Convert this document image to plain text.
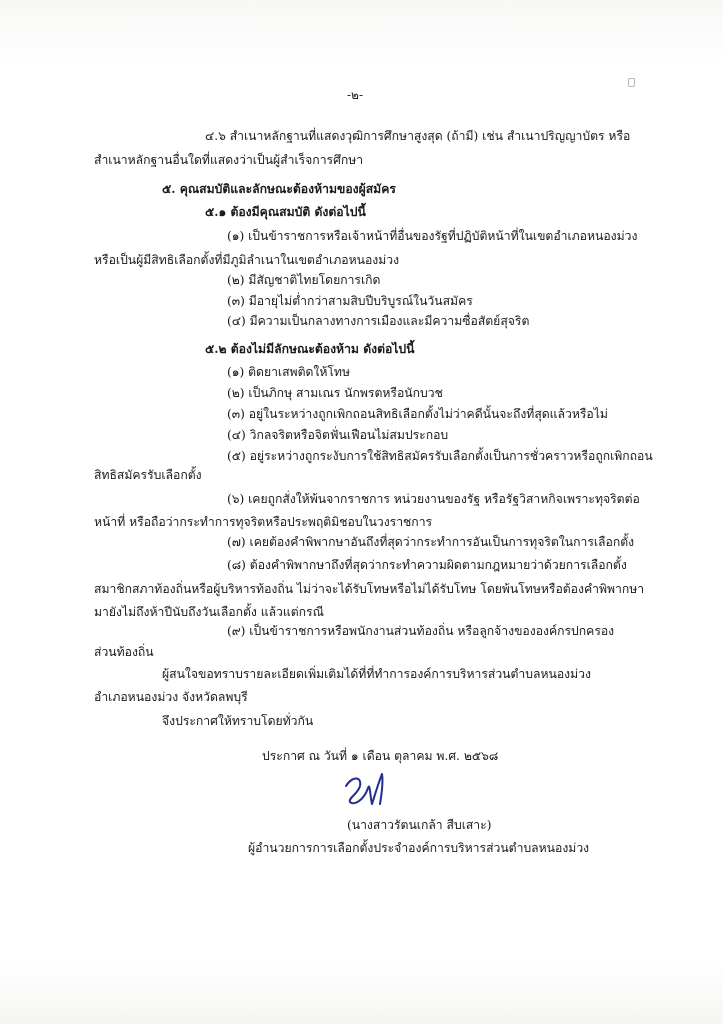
-๒-
๔.๖ สำเนาหลักฐานที่แสดงวุฒิการศึกษาสูงสุด (ถ้ามี) เช่น สำเนาปริญญาบัตร หรือ
สำเนาหลักฐานอื่นใดที่แสดงว่าเป็นผู้สำเร็จการศึกษา
๕. คุณสมบัติและลักษณะต้องห้ามของผู้สมัคร
๕.๑ ต้องมีคุณสมบัติ ดังต่อไปนี้
(๑) เป็นข้าราชการหรือเจ้าหน้าที่อื่นของรัฐที่ปฏิบัติหน้าที่ในเขตอำเภอหนองม่วง
หรือเป็นผู้มีสิทธิเลือกตั้งที่มีภูมิลำเนาในเขตอำเภอหนองม่วง
(๒) มีสัญชาติไทยโดยการเกิด
(๓) มีอายุไม่ต่ำกว่าสามสิบปีบริบูรณ์ในวันสมัคร
(๔) มีความเป็นกลางทางการเมืองและมีความซื่อสัตย์สุจริต
๕.๒ ต้องไม่มีลักษณะต้องห้าม ดังต่อไปนี้
(๑) ติดยาเสพติดให้โทษ
(๒) เป็นภิกษุ สามเณร นักพรตหรือนักบวช
(๓) อยู่ในระหว่างถูกเพิกถอนสิทธิเลือกตั้งไม่ว่าคดีนั้นจะถึงที่สุดแล้วหรือไม่
(๔) วิกลจริตหรือจิตฟั่นเฟือนไม่สมประกอบ
(๕) อยู่ระหว่างถูกระงับการใช้สิทธิสมัครรับเลือกตั้งเป็นการชั่วคราวหรือถูกเพิกถอน
สิทธิสมัครรับเลือกตั้ง
(๖) เคยถูกสั่งให้พ้นจากราชการ หน่วยงานของรัฐ หรือรัฐวิสาหกิจเพราะทุจริตต่อ
หน้าที่ หรือถือว่ากระทำการทุจริตหรือประพฤติมิชอบในวงราชการ
(๗) เคยต้องคำพิพากษาอันถึงที่สุดว่ากระทำการอันเป็นการทุจริตในการเลือกตั้ง
(๘) ต้องคำพิพากษาถึงที่สุดว่ากระทำความผิดตามกฎหมายว่าด้วยการเลือกตั้ง
สมาชิกสภาท้องถิ่นหรือผู้บริหารท้องถิ่น ไม่ว่าจะได้รับโทษหรือไม่ได้รับโทษ โดยพ้นโทษหรือต้องคำพิพากษา
มายังไม่ถึงห้าปีนับถึงวันเลือกตั้ง แล้วแต่กรณี
(๙) เป็นข้าราชการหรือพนักงานส่วนท้องถิ่น หรือลูกจ้างขององค์กรปกครอง
ส่วนท้องถิ่น
ผู้สนใจขอทราบรายละเอียดเพิ่มเติมได้ที่ที่ทำการองค์การบริหารส่วนตำบลหนองม่วง
อำเภอหนองม่วง จังหวัดลพบุรี
จึงประกาศให้ทราบโดยทั่วกัน
ประกาศ ณ วันที่ ๑ เดือน ตุลาคม พ.ศ. ๒๕๖๘
(นางสาวรัตนเกล้า สืบเสาะ)
ผู้อำนวยการการเลือกตั้งประจำองค์การบริหารส่วนตำบลหนองม่วง
